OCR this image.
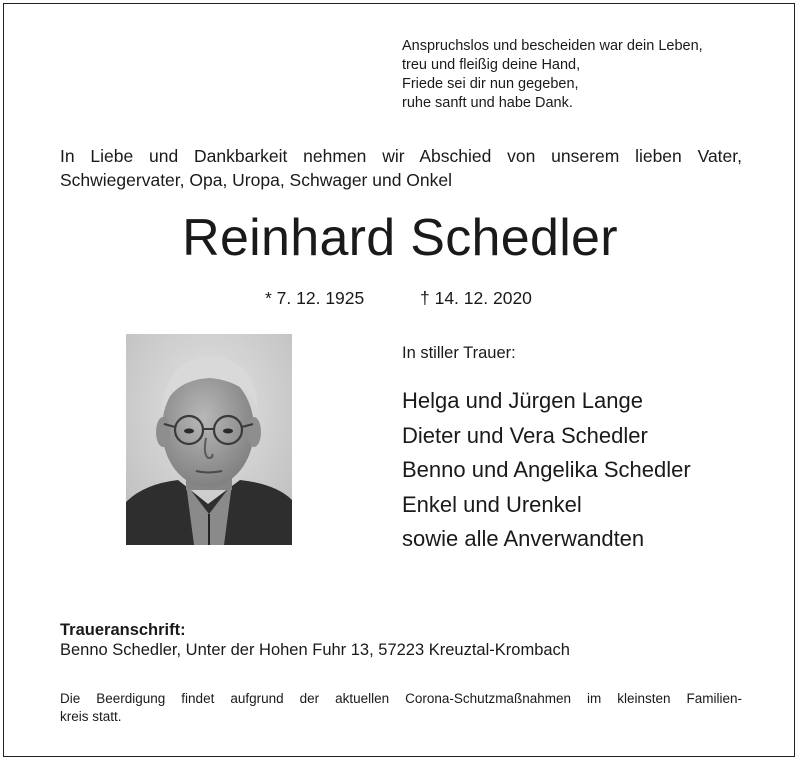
Anspruchslos und bescheiden war dein Leben,
treu und fleißig deine Hand,
Friede sei dir nun gegeben,
ruhe sanft und habe Dank.
In Liebe und Dankbarkeit nehmen wir Abschied von unserem lieben Vater,
Schwiegervater, Opa, Uropa, Schwager und Onkel
Reinhard Schedler
* 7. 12. 1925	† 14. 12. 2020
In stiller Trauer:
Helga und Jürgen Lange
Dieter und Vera Schedler
Benno und Angelika Schedler
Enkel und Urenkel
sowie alle Anverwandten
Traueranschrift:
Benno Schedler, Unter der Hohen Fuhr 13, 57223 Kreuztal-Krombach
Die Beerdigung findet aufgrund der aktuellen Corona-Schutzmaßnahmen im kleinsten Familien-
kreis statt.
